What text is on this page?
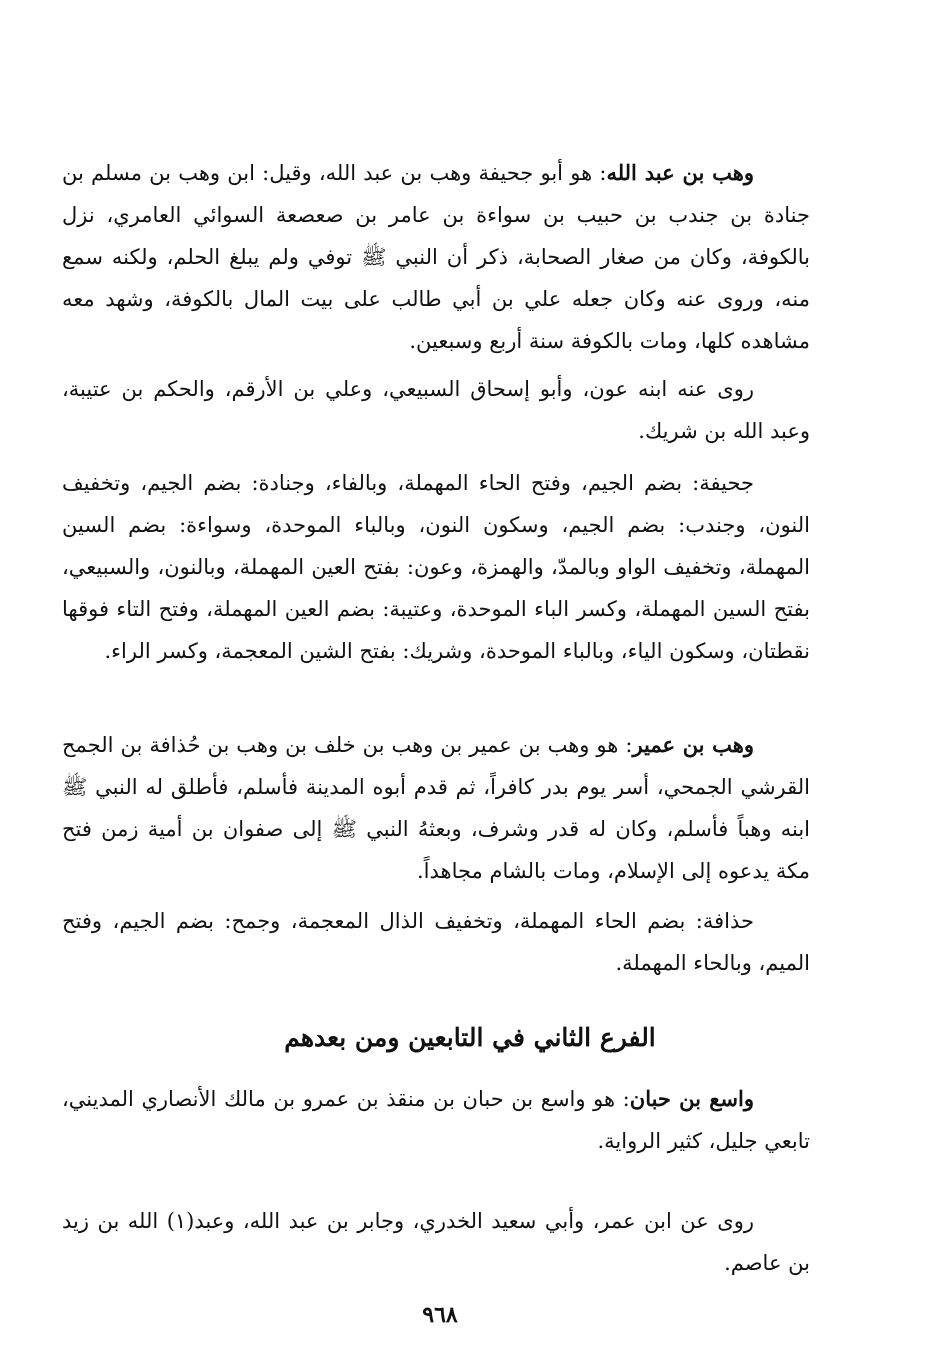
وهب بن عبد الله: هو أبو جحيفة وهب بن عبد الله، وقيل: ابن وهب بن مسلم بن جنادة بن جندب بن حبيب بن سواءة بن عامر بن صعصعة السوائي العامري، نزل بالكوفة، وكان من صغار الصحابة، ذكر أن النبي ﷺ توفي ولم يبلغ الحلم، ولكنه سمع منه، وروى عنه وكان جعله علي بن أبي طالب على بيت المال بالكوفة، وشهد معه مشاهده كلها، ومات بالكوفة سنة أربع وسبعين.

روى عنه ابنه عون، وأبو إسحاق السبيعي، وعلي بن الأرقم، والحكم بن عتيبة، وعبد الله بن شريك.

جحيفة: بضم الجيم، وفتح الحاء المهملة، وبالفاء، وجنادة: بضم الجيم، وتخفيف النون، وجندب: بضم الجيم، وسكون النون، وبالباء الموحدة، وسواءة: بضم السين المهملة، وتخفيف الواو وبالمدّ، والهمزة، وعون: بفتح العين المهملة، وبالنون، والسبيعي، بفتح السين المهملة، وكسر الباء الموحدة، وعتيبة: بضم العين المهملة، وفتح التاء فوقها نقطتان، وسكون الياء، وبالباء الموحدة، وشريك: بفتح الشين المعجمة، وكسر الراء.

وهب بن عمير: هو وهب بن عمير بن وهب بن خلف بن وهب بن حُذافة بن الجمح القرشي الجمحي، أسر يوم بدر كافراً، ثم قدم أبوه المدينة فأسلم، فأطلق له النبي ﷺ ابنه وهباً فأسلم، وكان له قدر وشرف، وبعثهُ النبي ﷺ إلى صفوان بن أمية زمن فتح مكة يدعوه إلى الإسلام، ومات بالشام مجاهداً.

حذافة: بضم الحاء المهملة، وتخفيف الذال المعجمة، وجمح: بضم الجيم، وفتح الميم، وبالحاء المهملة.

الفرع الثاني في التابعين ومن بعدهم

واسع بن حبان: هو واسع بن حبان بن منقذ بن عمرو بن مالك الأنصاري المديني، تابعي جليل، كثير الرواية.

روى عن ابن عمر، وأبي سعيد الخدري، وجابر بن عبد الله، وعبد(١) الله بن زيد بن عاصم.

٩٦٨
